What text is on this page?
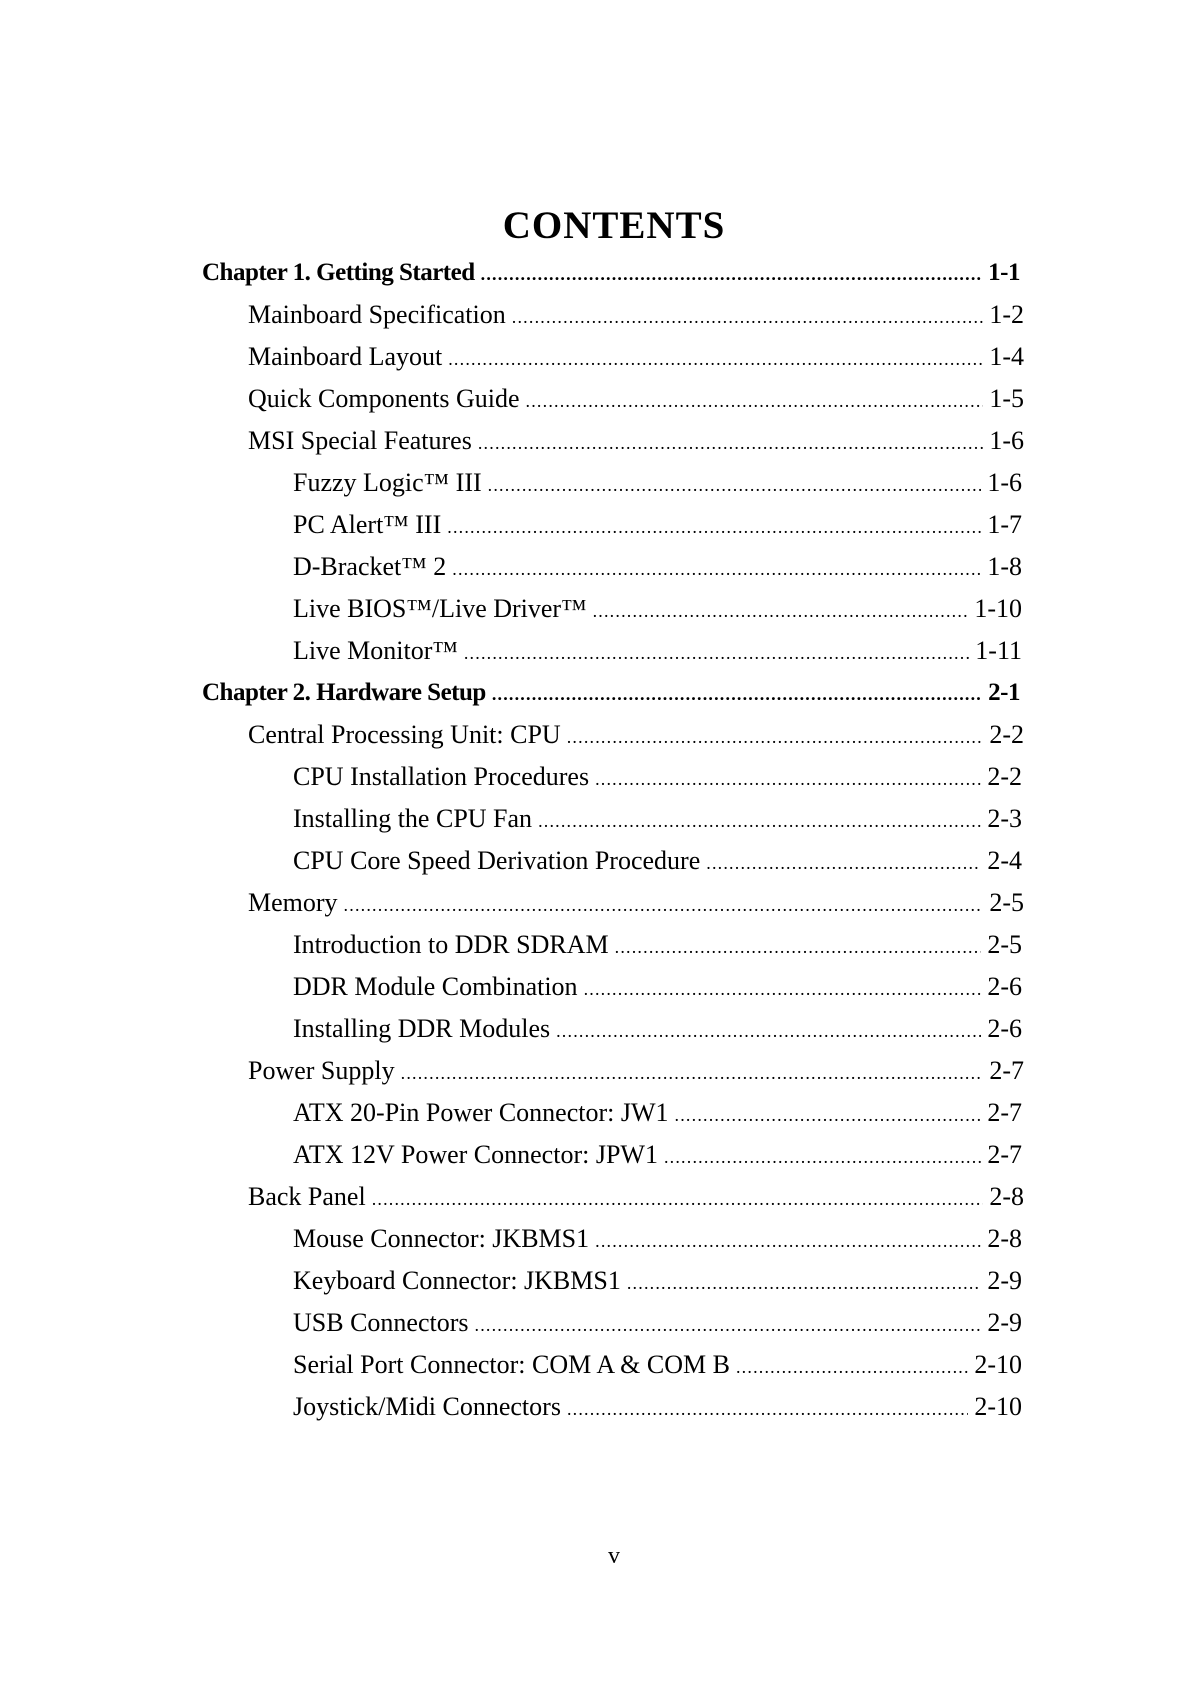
CONTENTS
Chapter 1. Getting Started .....	1-1
Mainboard Specification .....	1-2
Mainboard Layout .....	1-4
Quick Components Guide .....	1-5
MSI Special Features .....	1-6
Fuzzy Logic™ III .....	1-6
PC Alert™ III .....	1-7
D-Bracket™ 2 .....	1-8
Live BIOS™/Live Driver™ .....	1-10
Live Monitor™ .....	1-11
Chapter 2. Hardware Setup .....	2-1
Central Processing Unit: CPU .....	2-2
CPU Installation Procedures .....	2-2
Installing the CPU Fan .....	2-3
CPU Core Speed Derivation Procedure .....	2-4
Memory .....	2-5
Introduction to DDR SDRAM .....	2-5
DDR Module Combination .....	2-6
Installing DDR Modules .....	2-6
Power Supply .....	2-7
ATX 20-Pin Power Connector: JW1 .....	2-7
ATX 12V Power Connector: JPW1 .....	2-7
Back Panel .....	2-8
Mouse Connector: JKBMS1 .....	2-8
Keyboard Connector: JKBMS1 .....	2-9
USB Connectors .....	2-9
Serial Port Connector: COM A & COM B .....	2-10
Joystick/Midi Connectors .....	2-10
v
